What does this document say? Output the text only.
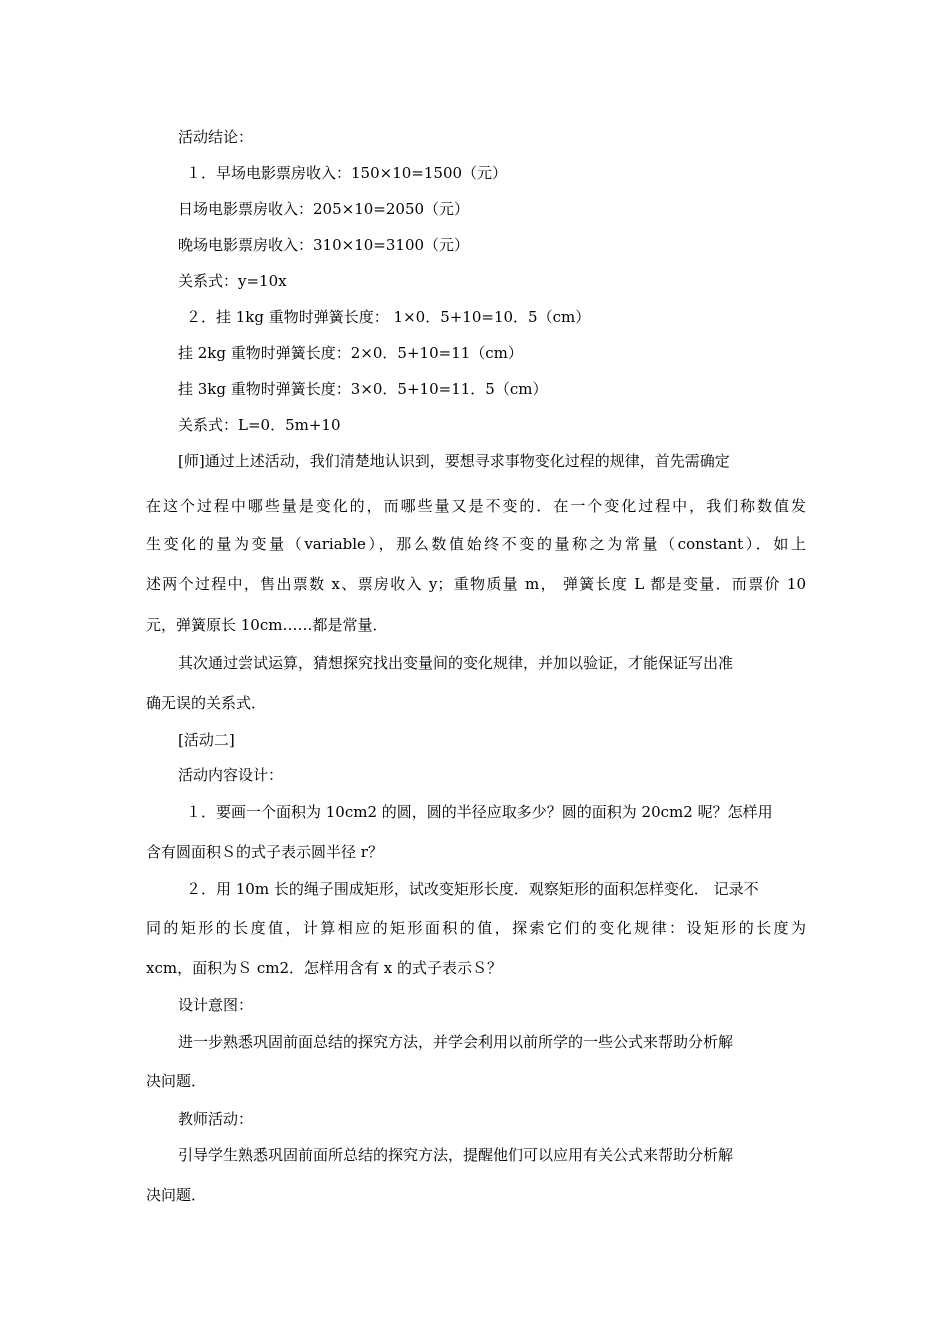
活动结论：
１．早场电影票房收入：150×10=1500（元）
日场电影票房收入：205×10=2050（元）
晚场电影票房收入：310×10=3100（元）
关系式：y=10x
２．挂 1kg 重物时弹簧长度： 1×0．5+10=10．5（cm）
挂 2kg 重物时弹簧长度：2×0．5+10=11（cm）
挂 3kg 重物时弹簧长度：3×0．5+10=11．5（cm）
关系式：L=0．5m+10
[师]通过上述活动，我们清楚地认识到，要想寻求事物变化过程的规律，首先需确定
在这个过程中哪些量是变化的，而哪些量又是不变的．在一个变化过程中，我们称数值发
生变化的量为变量（variable），那么数值始终不变的量称之为常量（constant）．如上
述两个过程中，售出票数 x、票房收入 y；重物质量 m， 弹簧长度 L 都是变量．而票价 10
元，弹簧原长 10cm……都是常量．
其次通过尝试运算，猜想探究找出变量间的变化规律，并加以验证，才能保证写出准
确无误的关系式．
[活动二]
活动内容设计：
１．要画一个面积为 10cm2 的圆，圆的半径应取多少？圆的面积为 20cm2 呢？怎样用
含有圆面积Ｓ的式子表示圆半径 r？
２．用 10m 长的绳子围成矩形，试改变矩形长度．观察矩形的面积怎样变化． 记录不
同的矩形的长度值，计算相应的矩形面积的值，探索它们的变化规律：设矩形的长度为
xcm，面积为Ｓ cm2．怎样用含有 x 的式子表示Ｓ？
设计意图：
进一步熟悉巩固前面总结的探究方法，并学会利用以前所学的一些公式来帮助分析解
决问题．
教师活动：
引导学生熟悉巩固前面所总结的探究方法，提醒他们可以应用有关公式来帮助分析解
决问题．
